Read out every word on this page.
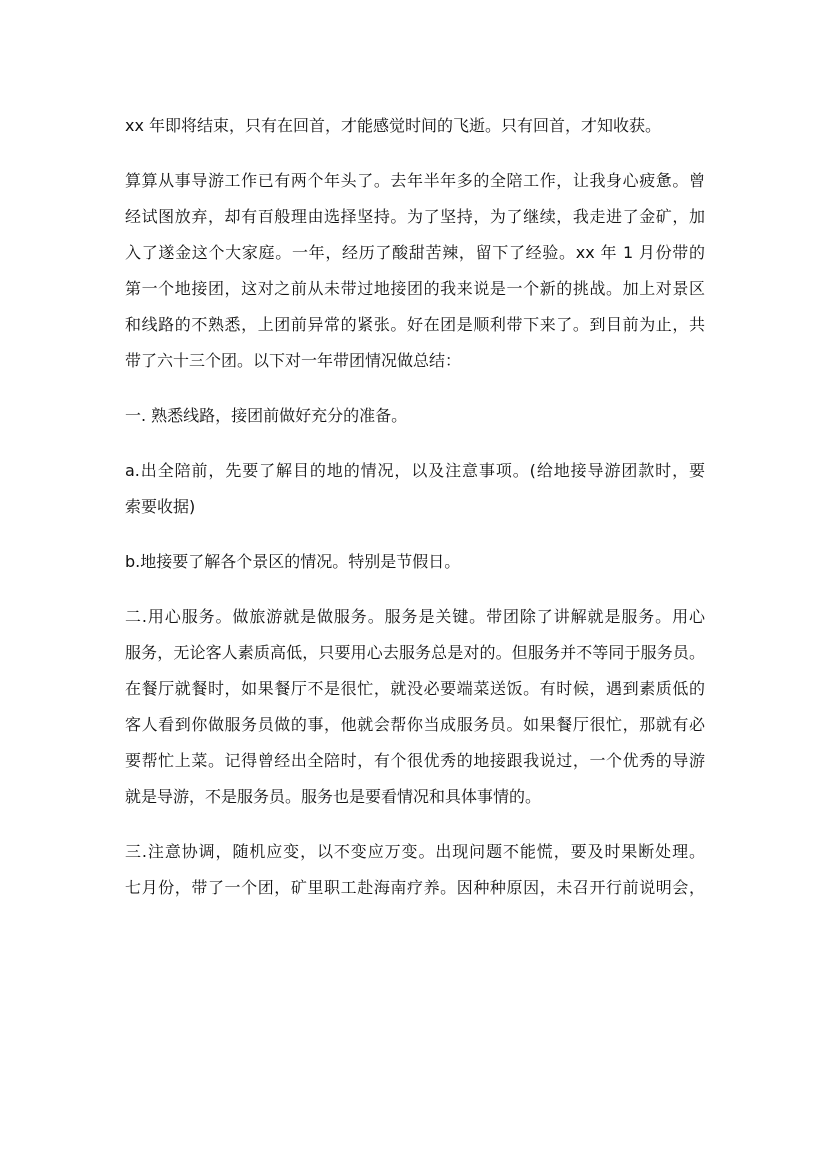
xx 年即将结束，只有在回首，才能感觉时间的飞逝。只有回首，才知收获。
算算从事导游工作已有两个年头了。去年半年多的全陪工作，让我身心疲惫。曾
经试图放弃，却有百般理由选择坚持。为了坚持，为了继续，我走进了金矿，加
入了遂金这个大家庭。一年，经历了酸甜苦辣，留下了经验。xx 年 1 月份带的
第一个地接团，这对之前从未带过地接团的我来说是一个新的挑战。加上对景区
和线路的不熟悉，上团前异常的紧张。好在团是顺利带下来了。到目前为止，共
带了六十三个团。以下对一年带团情况做总结：
一. 熟悉线路，接团前做好充分的准备。
a.出全陪前，先要了解目的地的情况，以及注意事项。(给地接导游团款时，要
索要收据)
b.地接要了解各个景区的情况。特别是节假日。
二.用心服务。做旅游就是做服务。服务是关键。带团除了讲解就是服务。用心
服务，无论客人素质高低，只要用心去服务总是对的。但服务并不等同于服务员。
在餐厅就餐时，如果餐厅不是很忙，就没必要端菜送饭。有时候，遇到素质低的
客人看到你做服务员做的事，他就会帮你当成服务员。如果餐厅很忙，那就有必
要帮忙上菜。记得曾经出全陪时，有个很优秀的地接跟我说过，一个优秀的导游
就是导游，不是服务员。服务也是要看情况和具体事情的。
三.注意协调，随机应变，以不变应万变。出现问题不能慌，要及时果断处理。
七月份，带了一个团，矿里职工赴海南疗养。因种种原因，未召开行前说明会，
